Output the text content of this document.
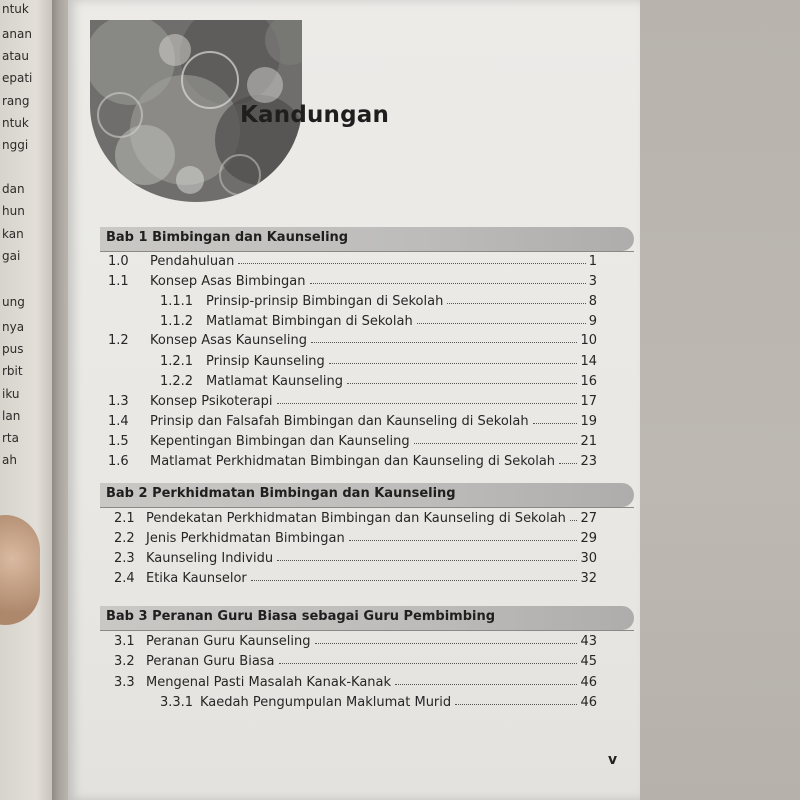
ntuk
anan
atau
epati
rang
ntuk
nggi
dan
hun
kan
gai
ung
nya
pus
rbit
iku
lan
rta
ah
Kandungan
Bab 1 Bimbingan dan Kaunseling
1.0 Pendahuluan	1
1.1 Konsep Asas Bimbingan	3
1.1.1 Prinsip-prinsip Bimbingan di Sekolah	8
1.1.2 Matlamat Bimbingan di Sekolah	9
1.2 Konsep Asas Kaunseling	10
1.2.1 Prinsip Kaunseling	14
1.2.2 Matlamat Kaunseling	16
1.3 Konsep Psikoterapi	17
1.4 Prinsip dan Falsafah Bimbingan dan Kaunseling di Sekolah	19
1.5 Kepentingan Bimbingan dan Kaunseling	21
1.6 Matlamat Perkhidmatan Bimbingan dan Kaunseling di Sekolah 23
Bab 2 Perkhidmatan Bimbingan dan Kaunseling
2.1 Pendekatan Perkhidmatan Bimbingan dan Kaunseling di Sekolah 27
2.2 Jenis Perkhidmatan Bimbingan	29
2.3 Kaunseling Individu	30
2.4 Etika Kaunselor	32
Bab 3 Peranan Guru Biasa sebagai Guru Pembimbing
3.1 Peranan Guru Kaunseling	43
3.2 Peranan Guru Biasa	45
3.3 Mengenal Pasti Masalah Kanak-Kanak	46
3.3.1 Kaedah Pengumpulan Maklumat Murid	46
v
